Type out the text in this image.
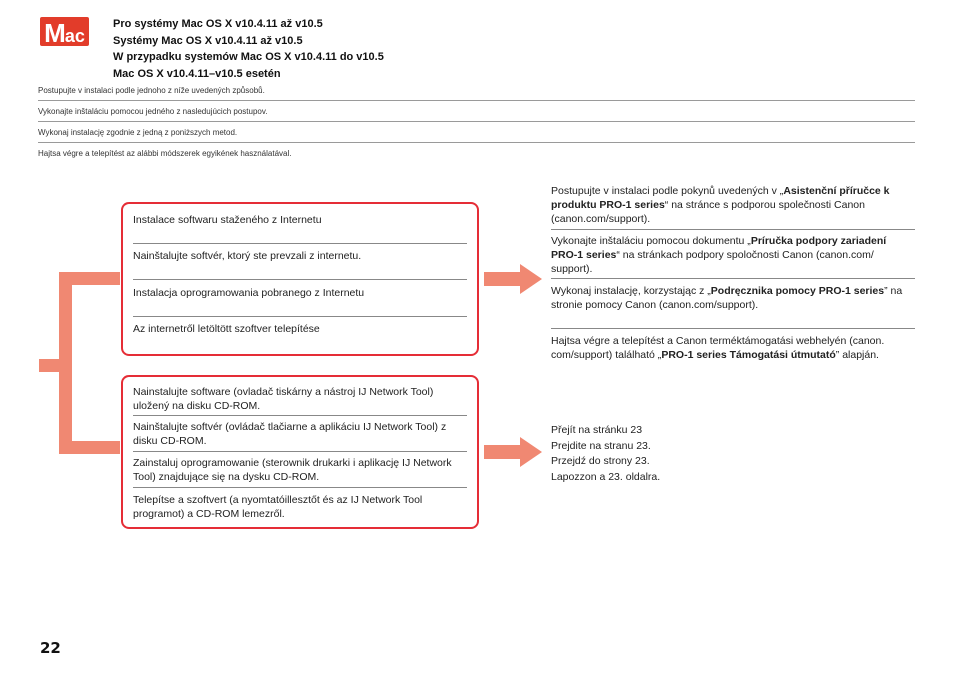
M ac
Pro systémy Mac OS X v10.4.11 až v10.5
Systémy Mac OS X v10.4.11 až v10.5
W przypadku systemów Mac OS X v10.4.11 do v10.5
Mac OS X v10.4.11–v10.5 esetén
Postupujte v instalaci podle jednoho z níže uvedených způsobů.
Vykonajte inštaláciu pomocou jedného z nasledujúcich postupov.
Wykonaj instalację zgodnie z jedną z poniższych metod.
Hajtsa végre a telepítést az alábbi módszerek egyikének használatával.
Instalace softwaru staženého z Internetu
Nainštalujte softvér, ktorý ste prevzali z internetu.
Instalacja oprogramowania pobranego z Internetu
Az internetről letöltött szoftver telepítése
Nainstalujte software (ovladač tiskárny a nástroj IJ Network Tool) uložený na disku CD-ROM.
Nainštalujte softvér (ovládač tlačiarne a aplikáciu IJ Network Tool) z disku CD-ROM.
Zainstaluj oprogramowanie (sterownik drukarki i aplikację IJ Network Tool) znajdujące się na dysku CD-ROM.
Telepítse a szoftvert (a nyomtatóillesztőt és az IJ Network Tool programot) a CD-ROM lemezről.
Postupujte v instalaci podle pokynů uvedených v „Asistenční příručce k produktu PRO-1 series“ na stránce s podporou společnosti Canon (canon.com/support).
Vykonajte inštaláciu pomocou dokumentu „Príručka podpory zariadení PRO-1 series“ na stránkach podpory spoločnosti Canon (canon.com/ support).
Wykonaj instalację, korzystając z „Podręcznika pomocy PRO-1 series” na stronie pomocy Canon (canon.com/support).
Hajtsa végre a telepítést a Canon terméktámogatási webhelyén (canon. com/support) található „PRO-1 series Támogatási útmutató” alapján.
Přejít na stránku 23
Prejdite na stranu 23.
Przejdź do strony 23.
Lapozzon a 23. oldalra.
22
